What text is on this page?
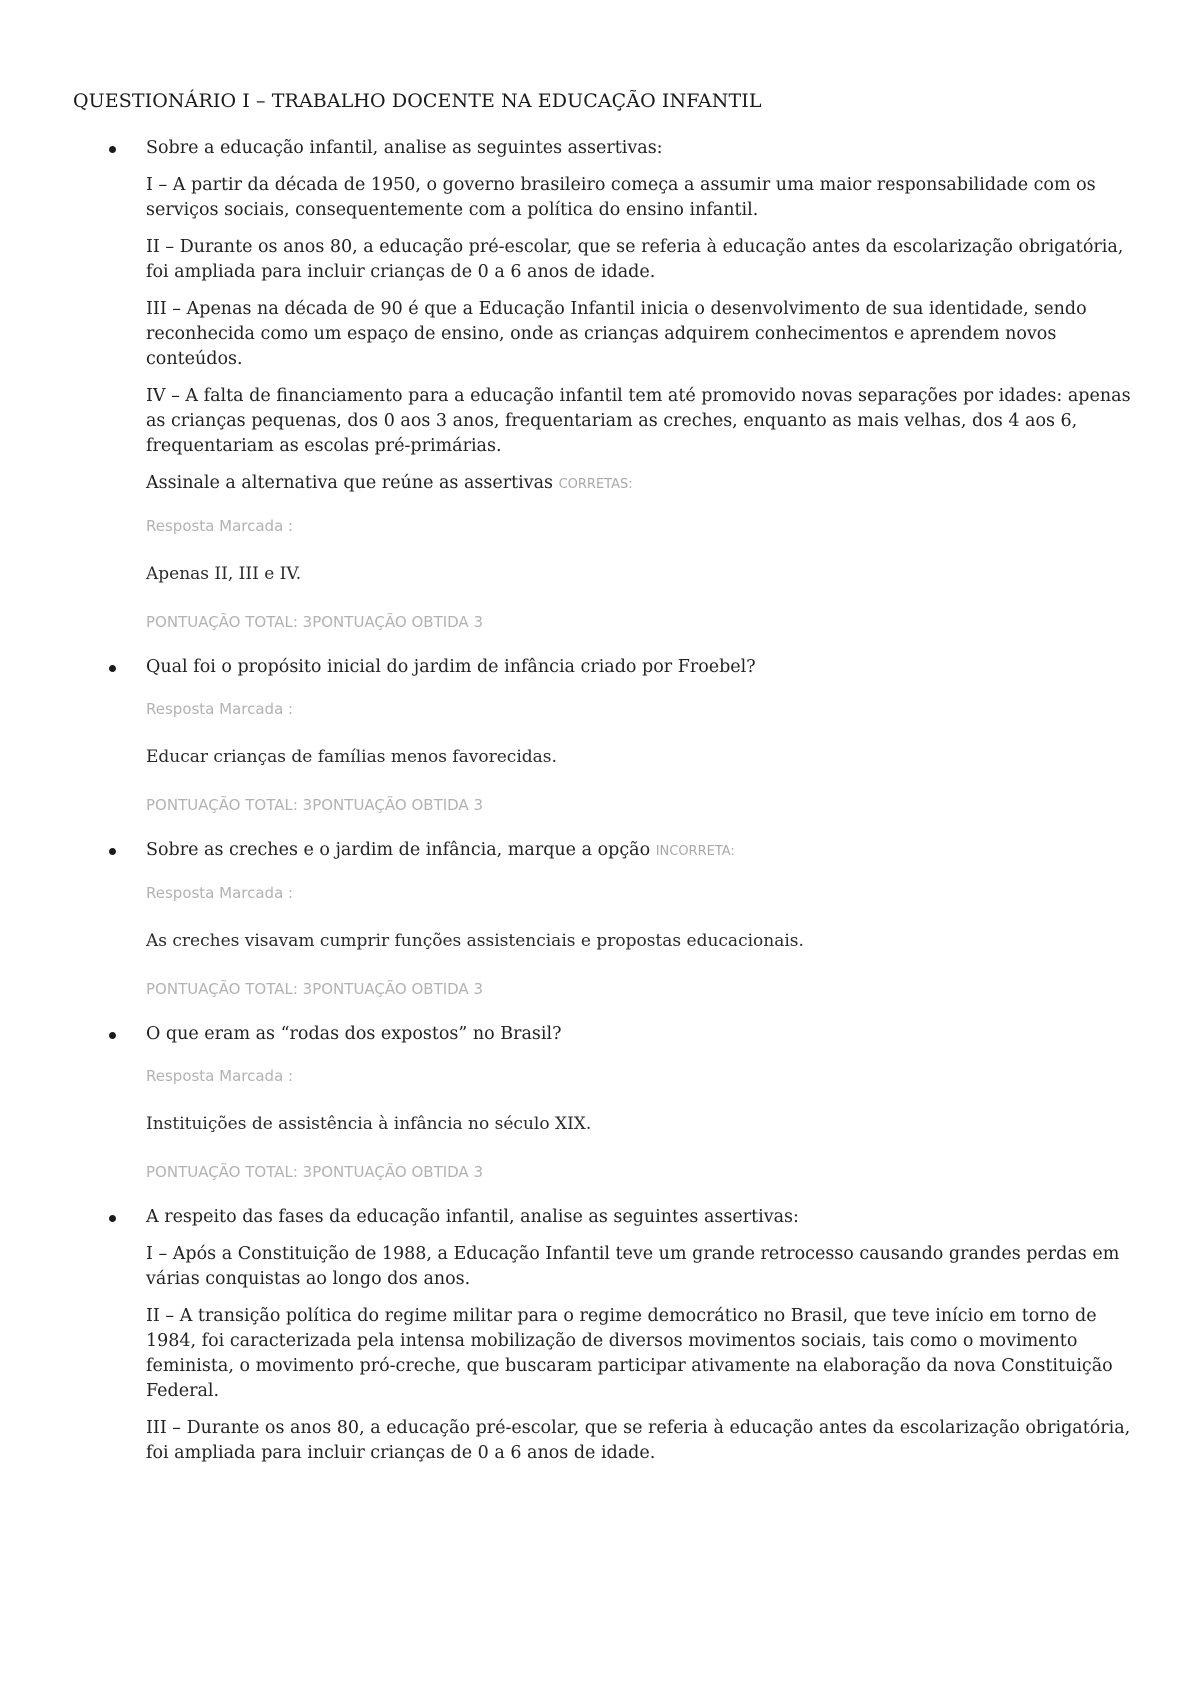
QUESTIONÁRIO I – TRABALHO DOCENTE NA EDUCAÇÃO INFANTIL

Sobre a educação infantil, analise as seguintes assertivas:

I – A partir da década de 1950, o governo brasileiro começa a assumir uma maior responsabilidade com os serviços sociais, consequentemente com a política do ensino infantil.

II – Durante os anos 80, a educação pré-escolar, que se referia à educação antes da escolarização obrigatória, foi ampliada para incluir crianças de 0 a 6 anos de idade.

III – Apenas na década de 90 é que a Educação Infantil inicia o desenvolvimento de sua identidade, sendo reconhecida como um espaço de ensino, onde as crianças adquirem conhecimentos e aprendem novos conteúdos.

IV – A falta de financiamento para a educação infantil tem até promovido novas separações por idades: apenas as crianças pequenas, dos 0 aos 3 anos, frequentariam as creches, enquanto as mais velhas, dos 4 aos 6, frequentariam as escolas pré-primárias.

Assinale a alternativa que reúne as assertivas CORRETAS:

Resposta Marcada :

Apenas II, III e IV.

PONTUAÇÃO TOTAL: 3PONTUAÇÃO OBTIDA 3

Qual foi o propósito inicial do jardim de infância criado por Froebel?

Resposta Marcada :

Educar crianças de famílias menos favorecidas.

PONTUAÇÃO TOTAL: 3PONTUAÇÃO OBTIDA 3

Sobre as creches e o jardim de infância, marque a opção INCORRETA:

Resposta Marcada :

As creches visavam cumprir funções assistenciais e propostas educacionais.

PONTUAÇÃO TOTAL: 3PONTUAÇÃO OBTIDA 3

O que eram as “rodas dos expostos” no Brasil?

Resposta Marcada :

Instituições de assistência à infância no século XIX.

PONTUAÇÃO TOTAL: 3PONTUAÇÃO OBTIDA 3

A respeito das fases da educação infantil, analise as seguintes assertivas:

I – Após a Constituição de 1988, a Educação Infantil teve um grande retrocesso causando grandes perdas em várias conquistas ao longo dos anos.

II – A transição política do regime militar para o regime democrático no Brasil, que teve início em torno de 1984, foi caracterizada pela intensa mobilização de diversos movimentos sociais, tais como o movimento feminista, o movimento pró-creche, que buscaram participar ativamente na elaboração da nova Constituição Federal.

III – Durante os anos 80, a educação pré-escolar, que se referia à educação antes da escolarização obrigatória, foi ampliada para incluir crianças de 0 a 6 anos de idade.
